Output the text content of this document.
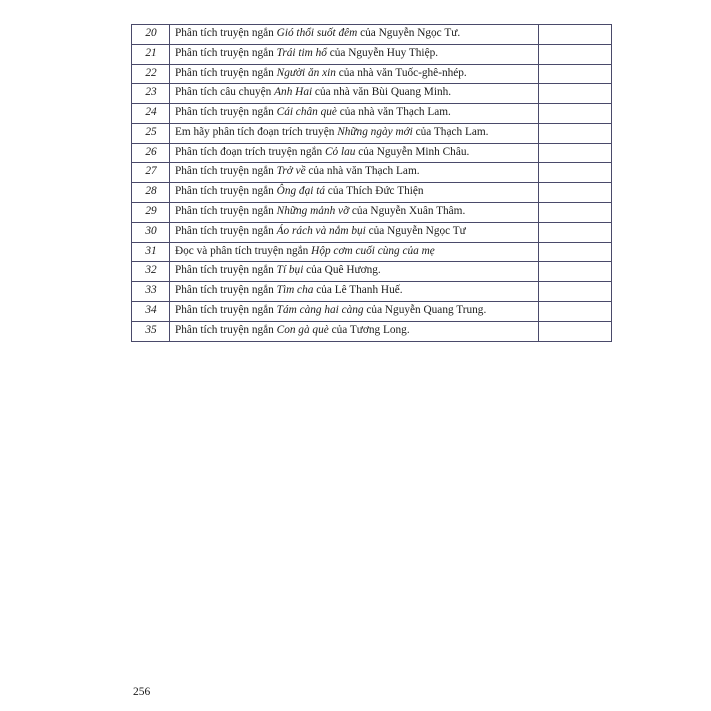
20	Phân tích truyện ngắn Gió thổi suốt đêm của Nguyễn Ngọc Tư.	
21	Phân tích truyện ngắn Trái tim hổ của Nguyễn Huy Thiệp.	
22	Phân tích truyện ngắn Người ăn xin của nhà văn Tuốc-ghê-nhép.	
23	Phân tích câu chuyện Anh Hai của nhà văn Bùi Quang Minh.	
24	Phân tích truyện ngắn Cái chân què của nhà văn Thạch Lam.	
25	Em hãy phân tích đoạn trích truyện Những ngày mới của Thạch Lam.	
26	Phân tích đoạn trích truyện ngắn Cỏ lau của Nguyễn Minh Châu.	
27	Phân tích truyện ngắn Trở về của nhà văn Thạch Lam.	
28	Phân tích truyện ngắn Ông đại tá của Thích Đức Thiện	
29	Phân tích truyện ngắn Những mảnh vỡ của Nguyễn Xuân Thâm.	
30	Phân tích truyện ngắn Áo rách và nắm bụi của Nguyễn Ngọc Tư	
31	Đọc và phân tích truyện ngắn Hộp cơm cuối cùng của mẹ	
32	Phân tích truyện ngắn Tí bụi của Quê Hương.	
33	Phân tích truyện ngắn Tìm cha của Lê Thanh Huế.	
34	Phân tích truyện ngắn Tám càng hai càng của Nguyễn Quang Trung.	
35	Phân tích truyện ngắn Con gà què của Tương Long.	
256
